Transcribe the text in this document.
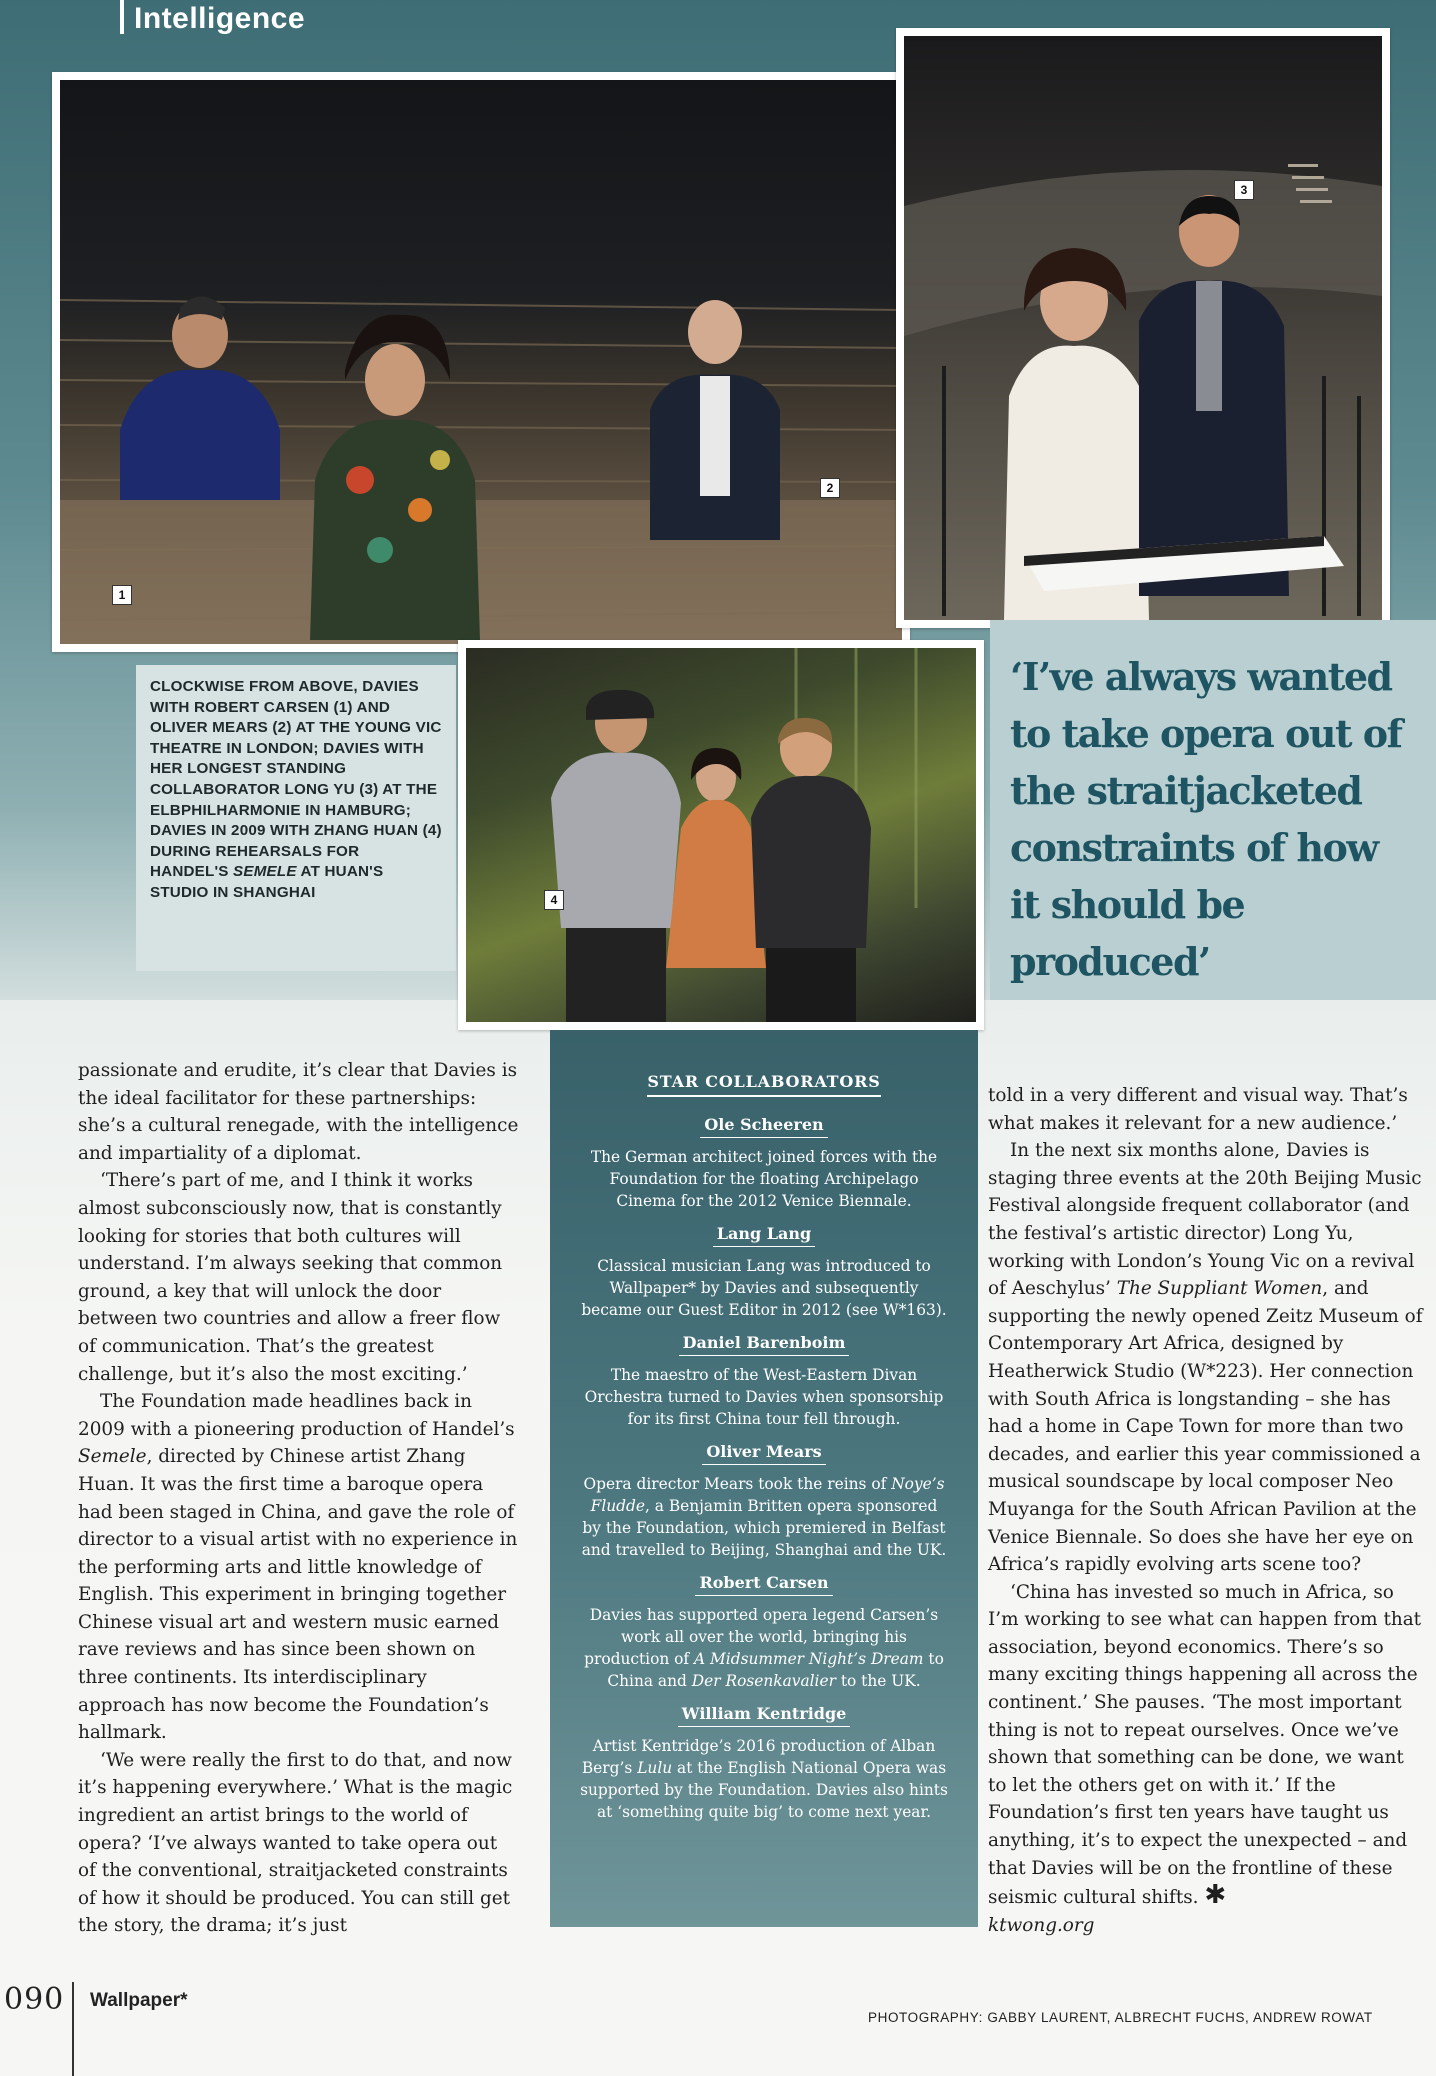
Intelligence
1
2
3
CLOCKWISE FROM ABOVE, DAVIES WITH ROBERT CARSEN (1) AND OLIVER MEARS (2) AT THE YOUNG VIC THEATRE IN LONDON; DAVIES WITH HER LONGEST STANDING COLLABORATOR LONG YU (3) AT THE ELBPHILHARMONIE IN HAMBURG; DAVIES IN 2009 WITH ZHANG HUAN (4) DURING REHEARSALS FOR HANDEL'S SEMELE AT HUAN'S STUDIO IN SHANGHAI	4
‘I’ve always wanted to take opera out of the straitjacketed constraints of how it should be produced’

passionate and erudite, it’s clear that Davies is the ideal facilitator for these partnerships: she’s a cultural renegade, with the intelligence and impartiality of a diplomat.

‘There’s part of me, and I think it works almost subconsciously now, that is constantly looking for stories that both cultures will understand. I’m always seeking that common ground, a key that will unlock the door between two countries and allow a freer flow of communication. That’s the greatest challenge, but it’s also the most exciting.’

The Foundation made headlines back in 2009 with a pioneering production of Handel’s Semele, directed by Chinese artist Zhang Huan. It was the first time a baroque opera had been staged in China, and gave the role of director to a visual artist with no experience in the performing arts and little knowledge of English. This experiment in bringing together Chinese visual art and western music earned rave reviews and has since been shown on three continents. Its interdisciplinary approach has now become the Foundation’s hallmark.

‘We were really the first to do that, and now it’s happening everywhere.’ What is the magic ingredient an artist brings to the world of opera? ‘I’ve always wanted to take opera out of the conventional, straitjacketed constraints of how it should be produced. You can still get the story, the drama; it’s just

STAR COLLABORATORS
Ole Scheeren
The German architect joined forces with the Foundation for the floating Archipelago Cinema for the 2012 Venice Biennale.
Lang Lang
Classical musician Lang was introduced to Wallpaper* by Davies and subsequently became our Guest Editor in 2012 (see W*163).
Daniel Barenboim
The maestro of the West-Eastern Divan Orchestra turned to Davies when sponsorship for its first China tour fell through.
Oliver Mears
Opera director Mears took the reins of Noye’s Fludde, a Benjamin Britten opera sponsored by the Foundation, which premiered in Belfast and travelled to Beijing, Shanghai and the UK.
Robert Carsen
Davies has supported opera legend Carsen’s work all over the world, bringing his production of A Midsummer Night’s Dream to China and Der Rosenkavalier to the UK.
William Kentridge
Artist Kentridge’s 2016 production of Alban Berg’s Lulu at the English National Opera was supported by the Foundation. Davies also hints at ‘something quite big’ to come next year.

told in a very different and visual way. That’s what makes it relevant for a new audience.’

In the next six months alone, Davies is staging three events at the 20th Beijing Music Festival alongside frequent collaborator (and the festival’s artistic director) Long Yu, working with London’s Young Vic on a revival of Aeschylus’ The Suppliant Women, and supporting the newly opened Zeitz Museum of Contemporary Art Africa, designed by Heatherwick Studio (W*223). Her connection with South Africa is longstanding – she has had a home in Cape Town for more than two decades, and earlier this year commissioned a musical soundscape by local composer Neo Muyanga for the South African Pavilion at the Venice Biennale. So does she have her eye on Africa’s rapidly evolving arts scene too?

‘China has invested so much in Africa, so I’m working to see what can happen from that association, beyond economics. There’s so many exciting things happening all across the continent.’ She pauses. ‘The most important thing is not to repeat ourselves. Once we’ve shown that something can be done, we want to let the others get on with it.’ If the Foundation’s first ten years have taught us anything, it’s to expect the unexpected – and that Davies will be on the frontline of these seismic cultural shifts. ✱

ktwong.org

090 Wallpaper*
PHOTOGRAPHY: GABBY LAURENT, ALBRECHT FUCHS, ANDREW ROWAT
